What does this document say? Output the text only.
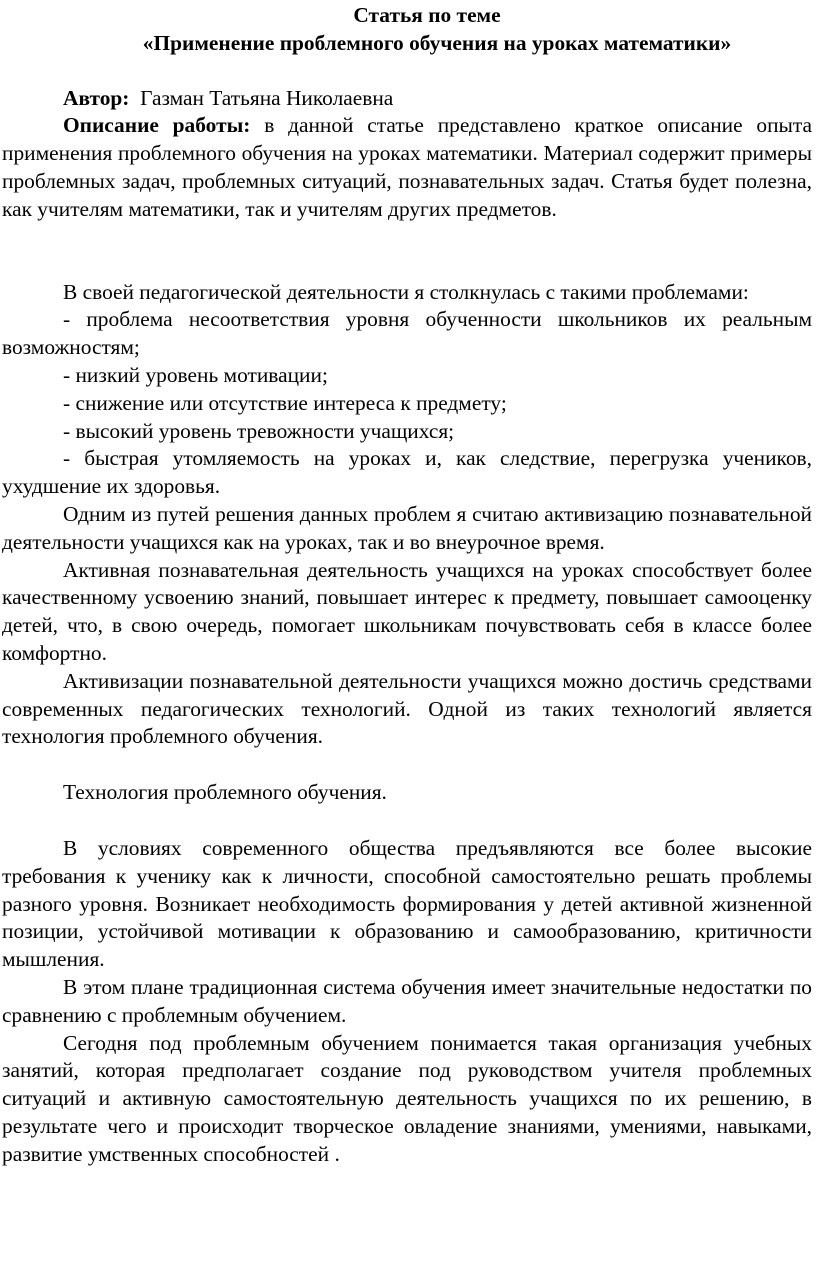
Статья по теме
«Применение проблемного обучения на уроках математики»

Автор: Газман Татьяна Николаевна

Описание работы: в данной статье представлено краткое описание опыта применения проблемного обучения на уроках математики. Материал содержит примеры проблемных задач, проблемных ситуаций, познавательных задач. Статья будет полезна, как учителям математики, так и учителям других предметов.

В своей педагогической деятельности я столкнулась с такими проблемами:

- проблема несоответствия уровня обученности школьников их реальным возможностям;

- низкий уровень мотивации;

- снижение или отсутствие интереса к предмету;

- высокий уровень тревожности учащихся;

- быстрая утомляемость на уроках и, как следствие, перегрузка учеников, ухудшение их здоровья.

Одним из путей решения данных проблем я считаю активизацию познавательной деятельности учащихся как на уроках, так и во внеурочное время.

Активная познавательная деятельность учащихся на уроках способствует более качественному усвоению знаний, повышает интерес к предмету, повышает самооценку детей, что, в свою очередь, помогает школьникам почувствовать себя в классе более комфортно.

Активизации познавательной деятельности учащихся можно достичь средствами современных педагогических технологий. Одной из таких технологий является технология проблемного обучения.

Технология проблемного обучения.

В условиях современного общества предъявляются все более высокие требования к ученику как к личности, способной самостоятельно решать проблемы разного уровня. Возникает необходимость формирования у детей активной жизненной позиции, устойчивой мотивации к образованию и самообразованию, критичности мышления.

В этом плане традиционная система обучения имеет значительные недостатки по сравнению с проблемным обучением.

Сегодня под проблемным обучением понимается такая организация учебных занятий, которая предполагает создание под руководством учителя проблемных ситуаций и активную самостоятельную деятельность учащихся по их решению, в результате чего и происходит творческое овладение знаниями, умениями, навыками, развитие умственных способностей .
